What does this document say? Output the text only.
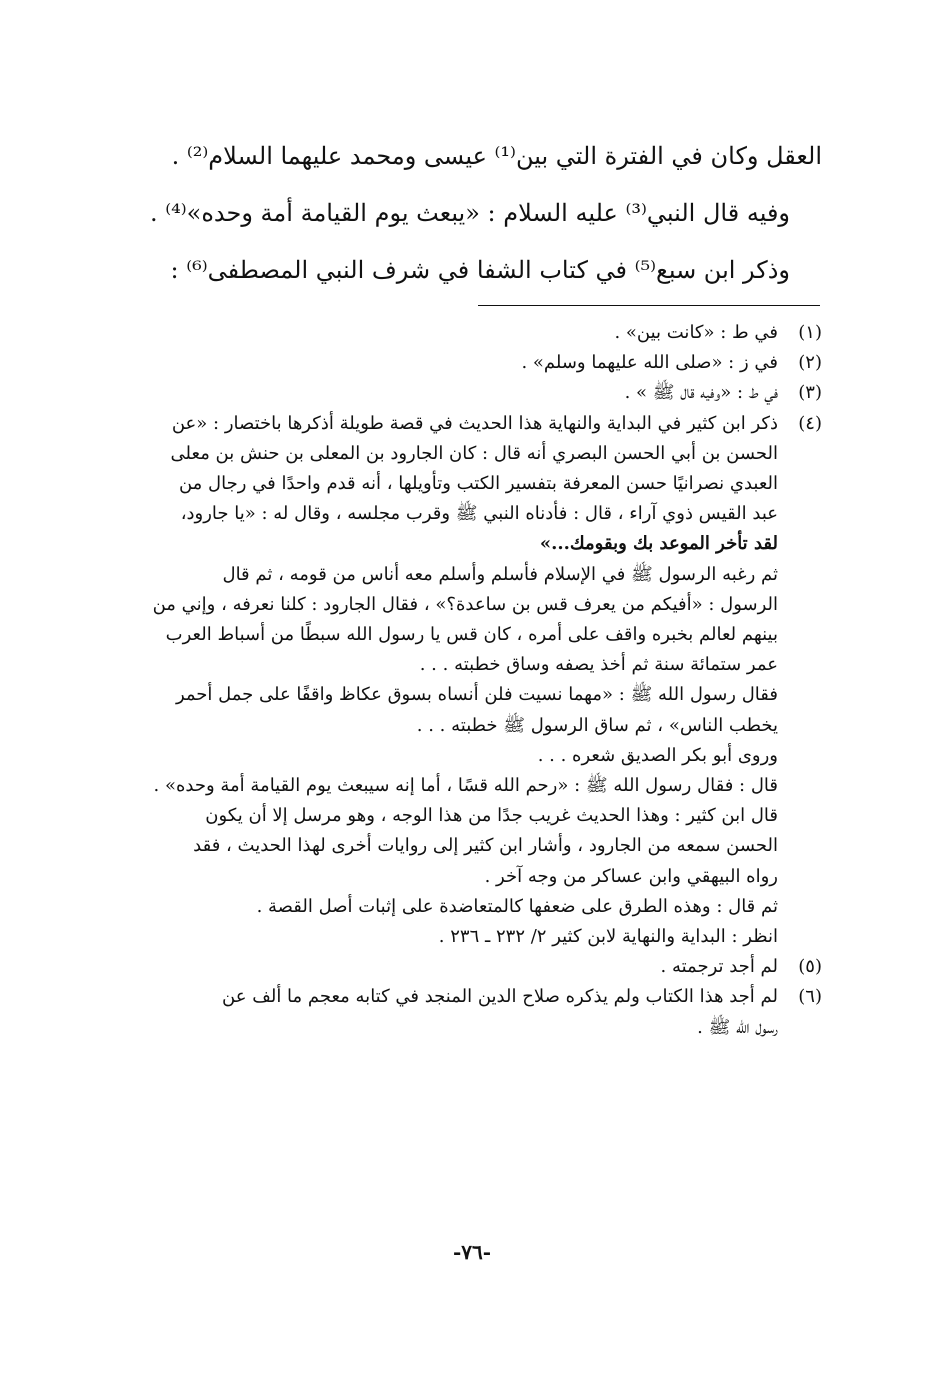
العقل وكان في الفترة التي بين⁽¹⁾ عيسى ومحمد عليهما السلام⁽²⁾ .
وفيه قال النبي⁽³⁾ عليه السلام : «يبعث يوم القيامة أمة وحده»⁽⁴⁾ .
وذكر ابن سبع⁽⁵⁾ في كتاب الشفا في شرف النبي المصطفى⁽⁶⁾ :
(١)

في ط : «كانت بين» .

(٢)

في ز : «صلى الله عليهما وسلم» .

(٣)

في ط : «وفيه قال ﷺ » .

(٤)

ذكر ابن كثير في البداية والنهاية هذا الحديث في قصة طويلة أذكرها باختصار : «عن

الحسن بن أبي الحسن البصري أنه قال : كان الجارود بن المعلى بن حنش بن معلى

العبدي نصرانيًا حسن المعرفة بتفسير الكتب وتأويلها ، أنه قدم واحدًا في رجال من

عبد القيس ذوي آراء ، قال : فأدناه النبي ﷺ وقرب مجلسه ، وقال له : «يا جارود،

لقد تأخر الموعد بك وبقومك...»

ثم رغبه الرسول ﷺ في الإسلام فأسلم وأسلم معه أناس من قومه ، ثم قال

الرسول : «أفيكم من يعرف قس بن ساعدة؟» ، فقال الجارود : كلنا نعرفه ، وإني من

بينهم لعالم بخبره واقف على أمره ، كان قس يا رسول الله سبطًا من أسباط العرب

عمر ستمائة سنة ثم أخذ يصفه وساق خطبته . . .

فقال رسول الله ﷺ : «مهما نسيت فلن أنساه بسوق عكاظ واقفًا على جمل أحمر

يخطب الناس» ، ثم ساق الرسول ﷺ خطبته . . .

وروى أبو بكر الصديق شعره . . .

قال : فقال رسول الله ﷺ : «رحم الله قسًا ، أما إنه سيبعث يوم القيامة أمة وحده» .

قال ابن كثير : وهذا الحديث غريب جدًا من هذا الوجه ، وهو مرسل إلا أن يكون

الحسن سمعه من الجارود ، وأشار ابن كثير إلى روايات أخرى لهذا الحديث ، فقد

رواه البيهقي وابن عساكر من وجه آخر .

ثم قال : وهذه الطرق على ضعفها كالمتعاضدة على إثبات أصل القصة .

انظر : البداية والنهاية لابن كثير ٢/ ٢٣٢ ـ ٢٣٦ .

(٥)

لم أجد ترجمته .

(٦)

لم أجد هذا الكتاب ولم يذكره صلاح الدين المنجد في كتابه معجم ما ألف عن

رسول الله ﷺ .

-٧٦-
